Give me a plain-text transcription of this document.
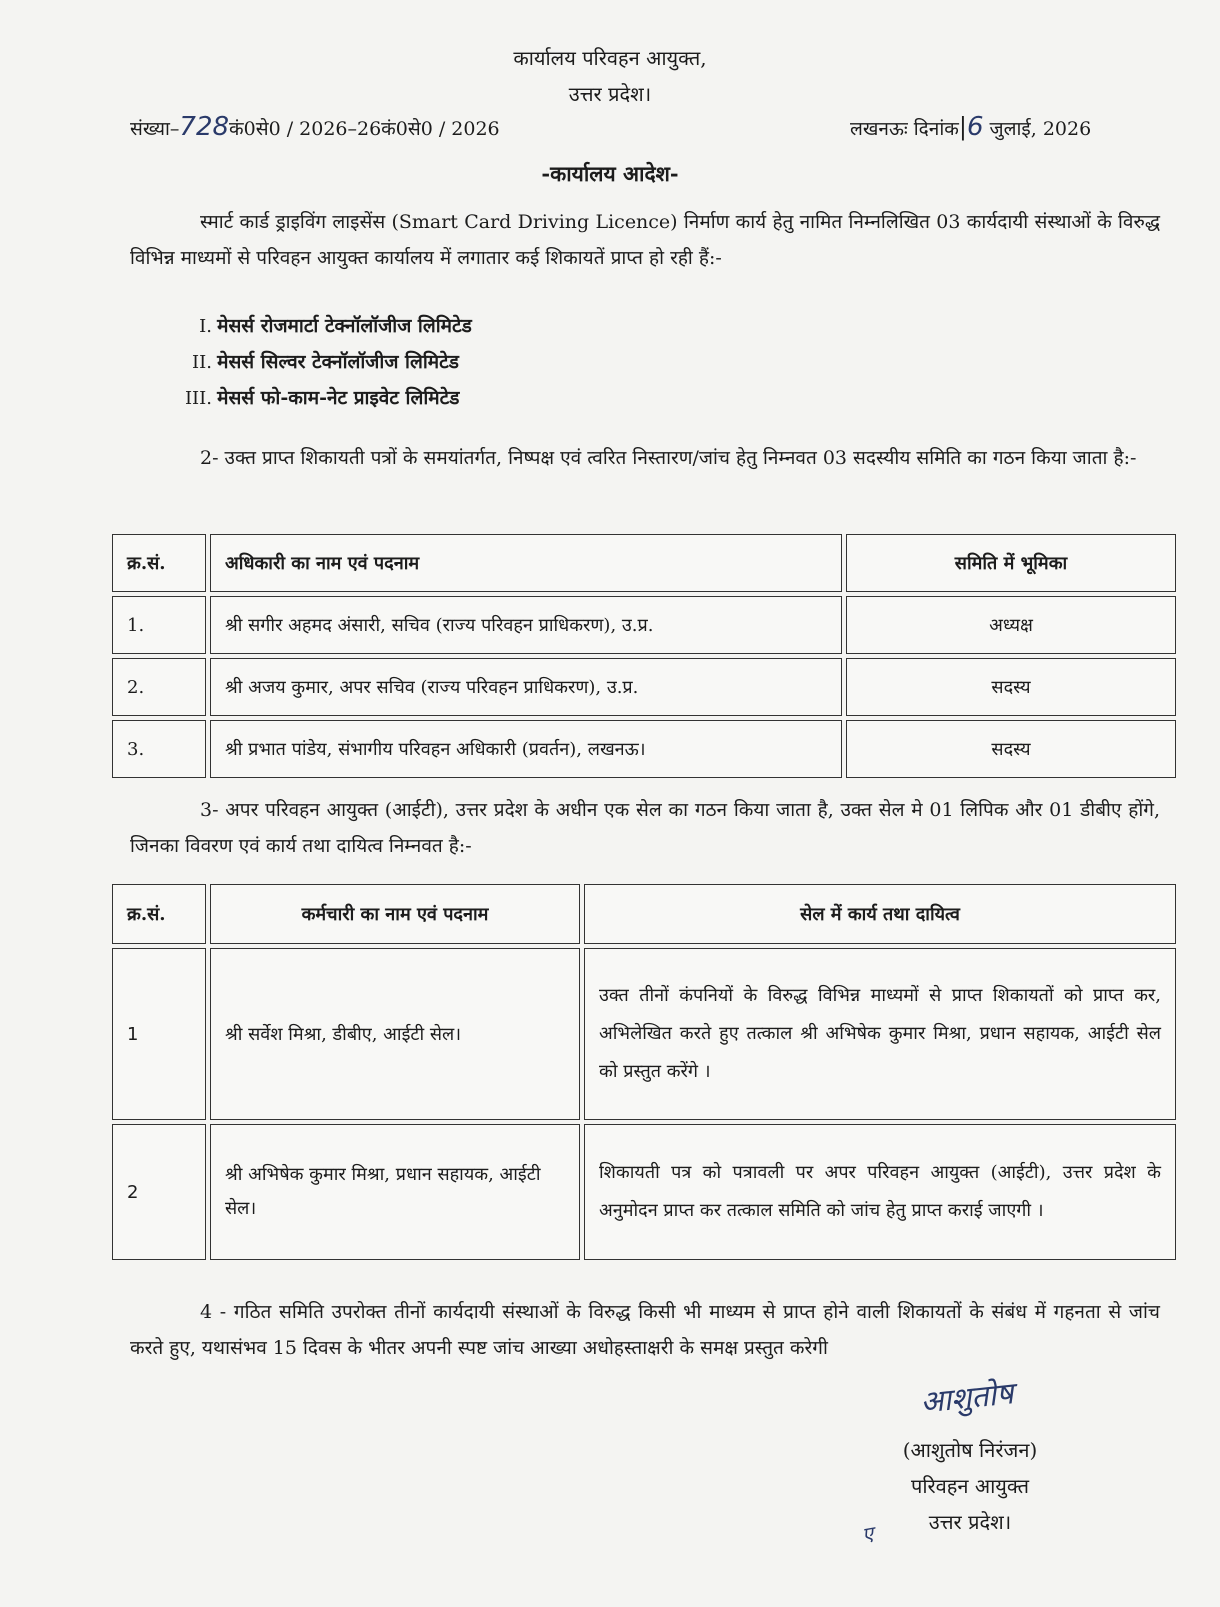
कार्यालय परिवहन आयुक्त,
उत्तर प्रदेश।
संख्या–728कं0से0 / 2026–26कं0से0 / 2026	लखनऊः दिनांक|6 जुलाई, 2026
-कार्यालय आदेश-
स्मार्ट कार्ड ड्राइविंग लाइसेंस (Smart Card Driving Licence) निर्माण कार्य हेतु नामित निम्नलिखित 03 कार्यदायी संस्थाओं के विरुद्ध विभिन्न माध्यमों से परिवहन आयुक्त कार्यालय में लगातार कई शिकायतें प्राप्त हो रही हैं:-
I. मेसर्स रोजमार्टा टेक्नॉलॉजीज लिमिटेड
II. मेसर्स सिल्वर टेक्नॉलॉजीज लिमिटेड
III. मेसर्स फो-काम-नेट प्राइवेट लिमिटेड
2- उक्त प्राप्त शिकायती पत्रों के समयांतर्गत, निष्पक्ष एवं त्वरित निस्तारण/जांच हेतु निम्नवत 03 सदस्यीय समिति का गठन किया जाता है:-
क्र.सं.	अधिकारी का नाम एवं पदनाम	समिति में भूमिका
1.	श्री सगीर अहमद अंसारी, सचिव (राज्य परिवहन प्राधिकरण), उ.प्र.	अध्यक्ष
2.	श्री अजय कुमार, अपर सचिव (राज्य परिवहन प्राधिकरण), उ.प्र.	सदस्य
3.	श्री प्रभात पांडेय, संभागीय परिवहन अधिकारी (प्रवर्तन), लखनऊ।	सदस्य
3- अपर परिवहन आयुक्त (आईटी), उत्तर प्रदेश के अधीन एक सेल का गठन किया जाता है, उक्त सेल मे 01 लिपिक और 01 डीबीए होंगे, जिनका विवरण एवं कार्य तथा दायित्व निम्नवत है:-
क्र.सं.	कर्मचारी का नाम एवं पदनाम	सेल में कार्य तथा दायित्व
1	श्री सर्वेश मिश्रा, डीबीए, आईटी सेल।	उक्त तीनों कंपनियों के विरुद्ध विभिन्न माध्यमों से प्राप्त शिकायतों को प्राप्त कर, अभिलेखित करते हुए तत्काल श्री अभिषेक कुमार मिश्रा, प्रधान सहायक, आईटी सेल को प्रस्तुत करेंगे ।
2	श्री अभिषेक कुमार मिश्रा, प्रधान सहायक, आईटी सेल।	शिकायती पत्र को पत्रावली पर अपर परिवहन आयुक्त (आईटी), उत्तर प्रदेश के अनुमोदन प्राप्त कर तत्काल समिति को जांच हेतु प्राप्त कराई जाएगी ।
4 - गठित समिति उपरोक्त तीनों कार्यदायी संस्थाओं के विरुद्ध किसी भी माध्यम से प्राप्त होने वाली शिकायतों के संबंध में गहनता से जांच करते हुए, यथासंभव 15 दिवस के भीतर अपनी स्पष्ट जांच आख्या अधोहस्ताक्षरी के समक्ष प्रस्तुत करेगी
आशुतोष
(आशुतोष निरंजन)
परिवहन आयुक्त
उत्तर प्रदेश।
ए
